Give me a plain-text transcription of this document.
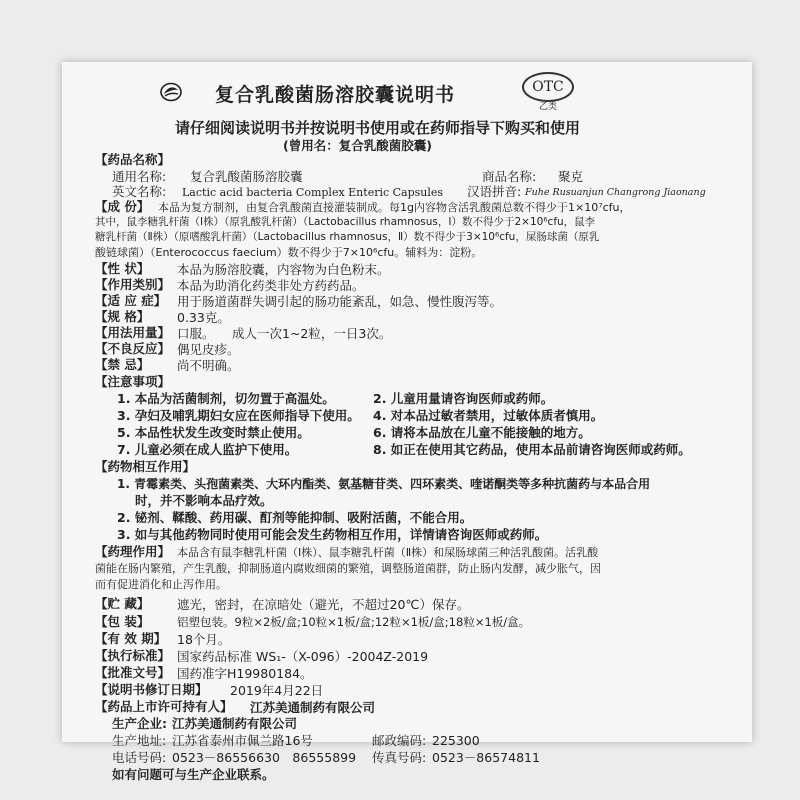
复合乳酸菌肠溶胶囊说明书	OTC
乙类
请仔细阅读说明书并按说明书使用或在药师指导下购买和使用
(曾用名：复合乳酸菌胶囊)
【药品名称】
通用名称: 复合乳酸菌肠溶胶囊	商品名称: 聚克
英文名称: Lactic acid bacteria Complex Enteric Capsules 汉语拼音: Fuhe Rusuanjun Changrong Jiaonang
【成 份】 本品为复方制剂，由复合乳酸菌直接灌装制成。每1g内容物含活乳酸菌总数不得少于1×10⁷cfu，
其中，鼠李糖乳杆菌（Ⅰ株）（原乳酸乳杆菌）（Lactobacillus rhamnosus，Ⅰ）数不得少于2×10⁶cfu，鼠李
糖乳杆菌（Ⅱ株）（原嗜酸乳杆菌）（Lactobacillus rhamnosus，Ⅱ）数不得少于3×10⁶cfu，屎肠球菌（原乳
酸链球菌）（Enterococcus faecium）数不得少于7×10⁶cfu。辅料为：淀粉。
【性 状】 本品为肠溶胶囊，内容物为白色粉末。
【作用类别】 本品为助消化药类非处方药药品。
【适 应 症】 用于肠道菌群失调引起的肠功能紊乱，如急、慢性腹泻等。
【规 格】 0.33克。
【用法用量】 口服。 成人一次1~2粒，一日3次。
【不良反应】 偶见皮疹。
【禁 忌】 尚不明确。
【注意事项】
1. 本品为活菌制剂，切勿置于高温处。	2. 儿童用量请咨询医师或药师。
3. 孕妇及哺乳期妇女应在医师指导下使用。 4. 对本品过敏者禁用，过敏体质者慎用。
5. 本品性状发生改变时禁止使用。	6. 请将本品放在儿童不能接触的地方。
7. 儿童必须在成人监护下使用。	8. 如正在使用其它药品，使用本品前请咨询医师或药师。
【药物相互作用】
1. 青霉素类、头孢菌素类、大环内酯类、氨基糖苷类、四环素类、喹诺酮类等多种抗菌药与本品合用
时，并不影响本品疗效。
2. 铋剂、鞣酸、药用碳、酊剂等能抑制、吸附活菌，不能合用。
3. 如与其他药物同时使用可能会发生药物相互作用，详情请咨询医师或药师。
【药理作用】 本品含有鼠李糖乳杆菌（Ⅰ株）、鼠李糖乳杆菌（Ⅱ株）和屎肠球菌三种活乳酸菌。活乳酸
菌能在肠内繁殖，产生乳酸，抑制肠道内腐败细菌的繁殖，调整肠道菌群，防止肠内发酵，减少胀气，因
而有促进消化和止泻作用。
【贮 藏】 遮光，密封，在凉暗处（避光，不超过20℃）保存。
【包 装】 铝塑包装。9粒×2板/盒;10粒×1板/盒;12粒×1板/盒;18粒×1板/盒。
【有 效 期】 18个月。
【执行标准】 国家药品标准 WS₁-（X-096）-2004Z-2019
【批准文号】 国药准字H19980184。
【说明书修订日期】 2019年4月22日
【药品上市许可持有人】 江苏美通制药有限公司
生产企业: 江苏美通制药有限公司
生产地址: 江苏省泰州市佩兰路16号	邮政编码: 225300
电话号码: 0523－86556630　86555899 传真号码: 0523－86574811
如有问题可与生产企业联系。
